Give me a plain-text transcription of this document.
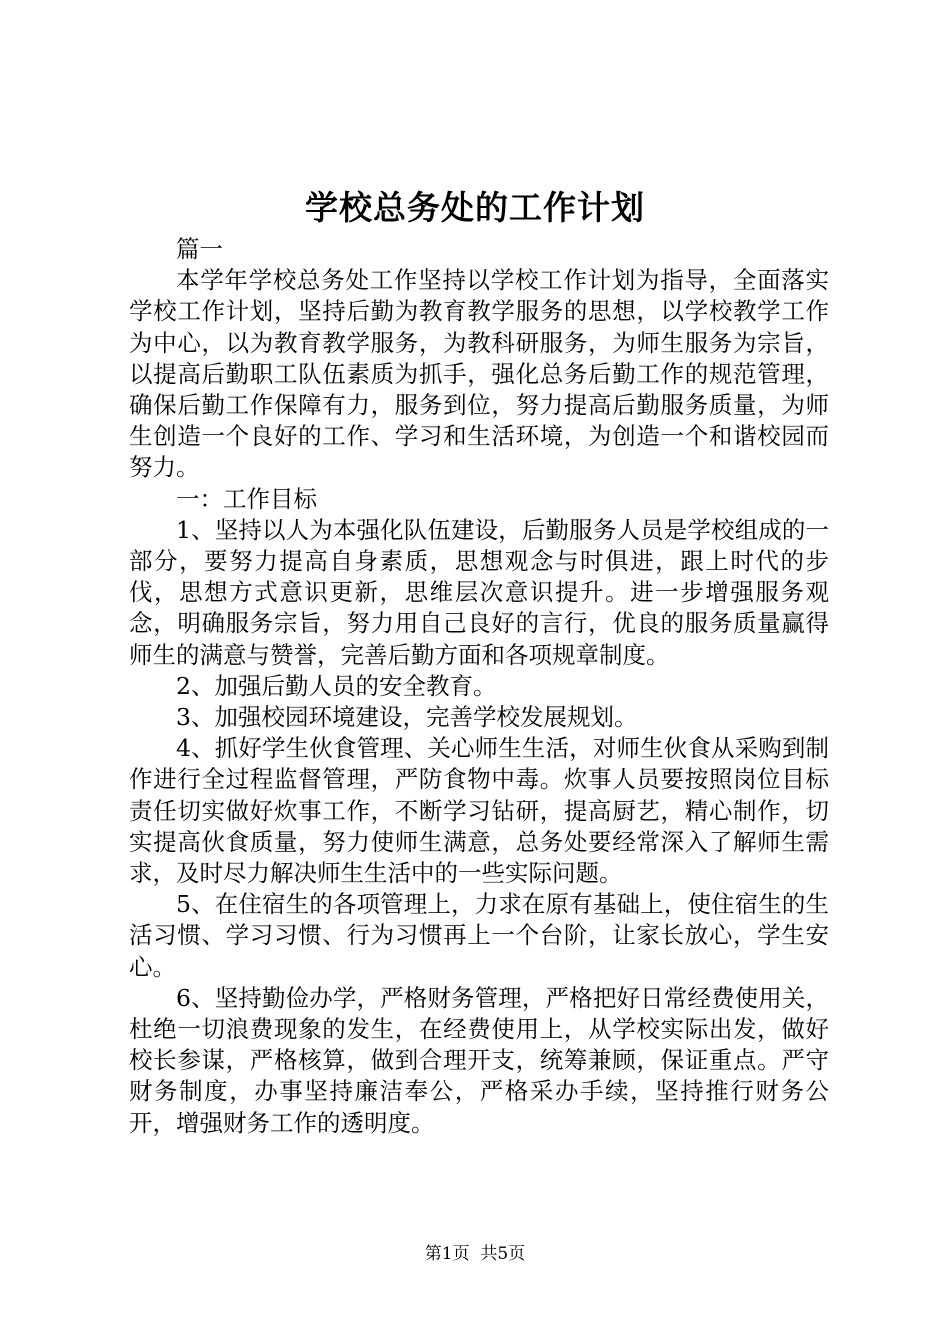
学校总务处的工作计划

篇一

本学年学校总务处工作坚持以学校工作计划为指导，全面落实学校工作计划，坚持后勤为教育教学服务的思想，以学校教学工作为中心，以为教育教学服务，为教科研服务，为师生服务为宗旨，以提高后勤职工队伍素质为抓手，强化总务后勤工作的规范管理，确保后勤工作保障有力，服务到位，努力提高后勤服务质量，为师生创造一个良好的工作、学习和生活环境，为创造一个和谐校园而努力。

一：工作目标

1、坚持以人为本强化队伍建设，后勤服务人员是学校组成的一部分，要努力提高自身素质，思想观念与时俱进，跟上时代的步伐，思想方式意识更新，思维层次意识提升。进一步增强服务观念，明确服务宗旨，努力用自己良好的言行，优良的服务质量赢得师生的满意与赞誉，完善后勤方面和各项规章制度。

2、加强后勤人员的安全教育。

3、加强校园环境建设，完善学校发展规划。

4、抓好学生伙食管理、关心师生生活，对师生伙食从采购到制作进行全过程监督管理，严防食物中毒。炊事人员要按照岗位目标责任切实做好炊事工作，不断学习钻研，提高厨艺，精心制作，切实提高伙食质量，努力使师生满意，总务处要经常深入了解师生需求，及时尽力解决师生生活中的一些实际问题。

5、在住宿生的各项管理上，力求在原有基础上，使住宿生的生活习惯、学习习惯、行为习惯再上一个台阶，让家长放心，学生安心。

6、坚持勤俭办学，严格财务管理，严格把好日常经费使用关，杜绝一切浪费现象的发生，在经费使用上，从学校实际出发，做好校长参谋，严格核算，做到合理开支，统筹兼顾，保证重点。严守财务制度，办事坚持廉洁奉公，严格采办手续，坚持推行财务公开，增强财务工作的透明度。

第1页  共5页
